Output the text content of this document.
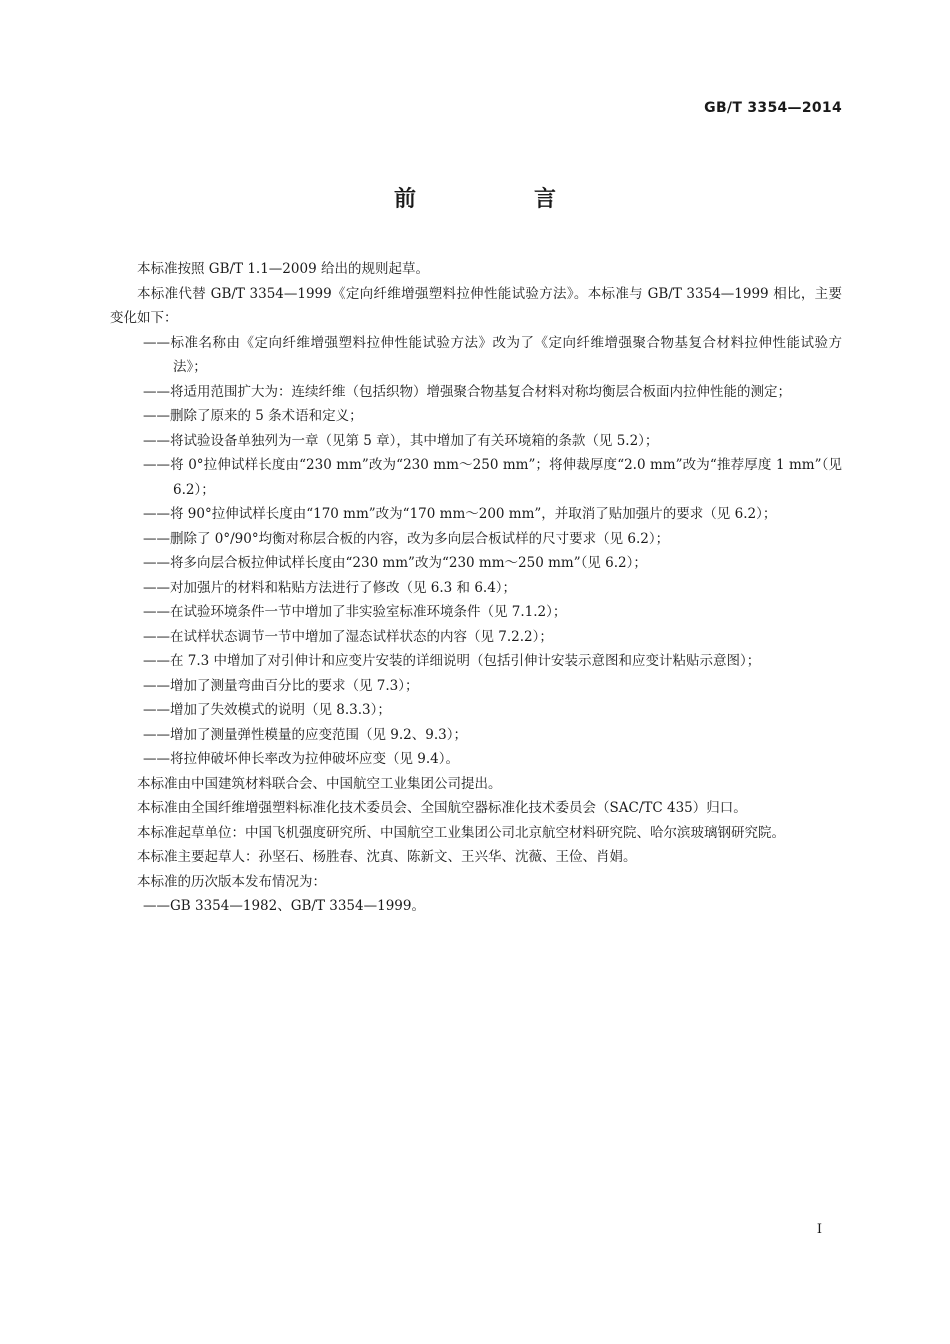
GB/T 3354—2014
前　言

本标准按照 GB/T 1.1—2009 给出的规则起草。

本标准代替 GB/T 3354—1999《定向纤维增强塑料拉伸性能试验方法》。本标准与 GB/T 3354—1999 相比，主要变化如下：

——标准名称由《定向纤维增强塑料拉伸性能试验方法》改为了《定向纤维增强聚合物基复合材料拉伸性能试验方法》；

——将适用范围扩大为：连续纤维（包括织物）增强聚合物基复合材料对称均衡层合板面内拉伸性能的测定；

——删除了原来的 5 条术语和定义；

——将试验设备单独列为一章（见第 5 章），其中增加了有关环境箱的条款（见 5.2）；

——将 0°拉伸试样长度由“230 mm”改为“230 mm～250 mm”；将伸裁厚度“2.0 mm”改为“推荐厚度 1 mm”（见 6.2）；

——将 90°拉伸试样长度由“170 mm”改为“170 mm～200 mm”，并取消了贴加强片的要求（见 6.2）；

——删除了 0°/90°均衡对称层合板的内容，改为多向层合板试样的尺寸要求（见 6.2）；

——将多向层合板拉伸试样长度由“230 mm”改为“230 mm～250 mm”（见 6.2）；

——对加强片的材料和粘贴方法进行了修改（见 6.3 和 6.4）；

——在试验环境条件一节中增加了非实验室标准环境条件（见 7.1.2）；

——在试样状态调节一节中增加了湿态试样状态的内容（见 7.2.2）；

——在 7.3 中增加了对引伸计和应变片安装的详细说明（包括引伸计安装示意图和应变计粘贴示意图）；

——增加了测量弯曲百分比的要求（见 7.3）；

——增加了失效模式的说明（见 8.3.3）；

——增加了测量弹性模量的应变范围（见 9.2、9.3）；

——将拉伸破坏伸长率改为拉伸破坏应变（见 9.4）。

本标准由中国建筑材料联合会、中国航空工业集团公司提出。

本标准由全国纤维增强塑料标准化技术委员会、全国航空器标准化技术委员会（SAC/TC 435）归口。

本标准起草单位：中国飞机强度研究所、中国航空工业集团公司北京航空材料研究院、哈尔滨玻璃钢研究院。

本标准主要起草人：孙坚石、杨胜春、沈真、陈新文、王兴华、沈薇、王俭、肖娟。

本标准的历次版本发布情况为：

——GB 3354—1982、GB/T 3354—1999。

I
